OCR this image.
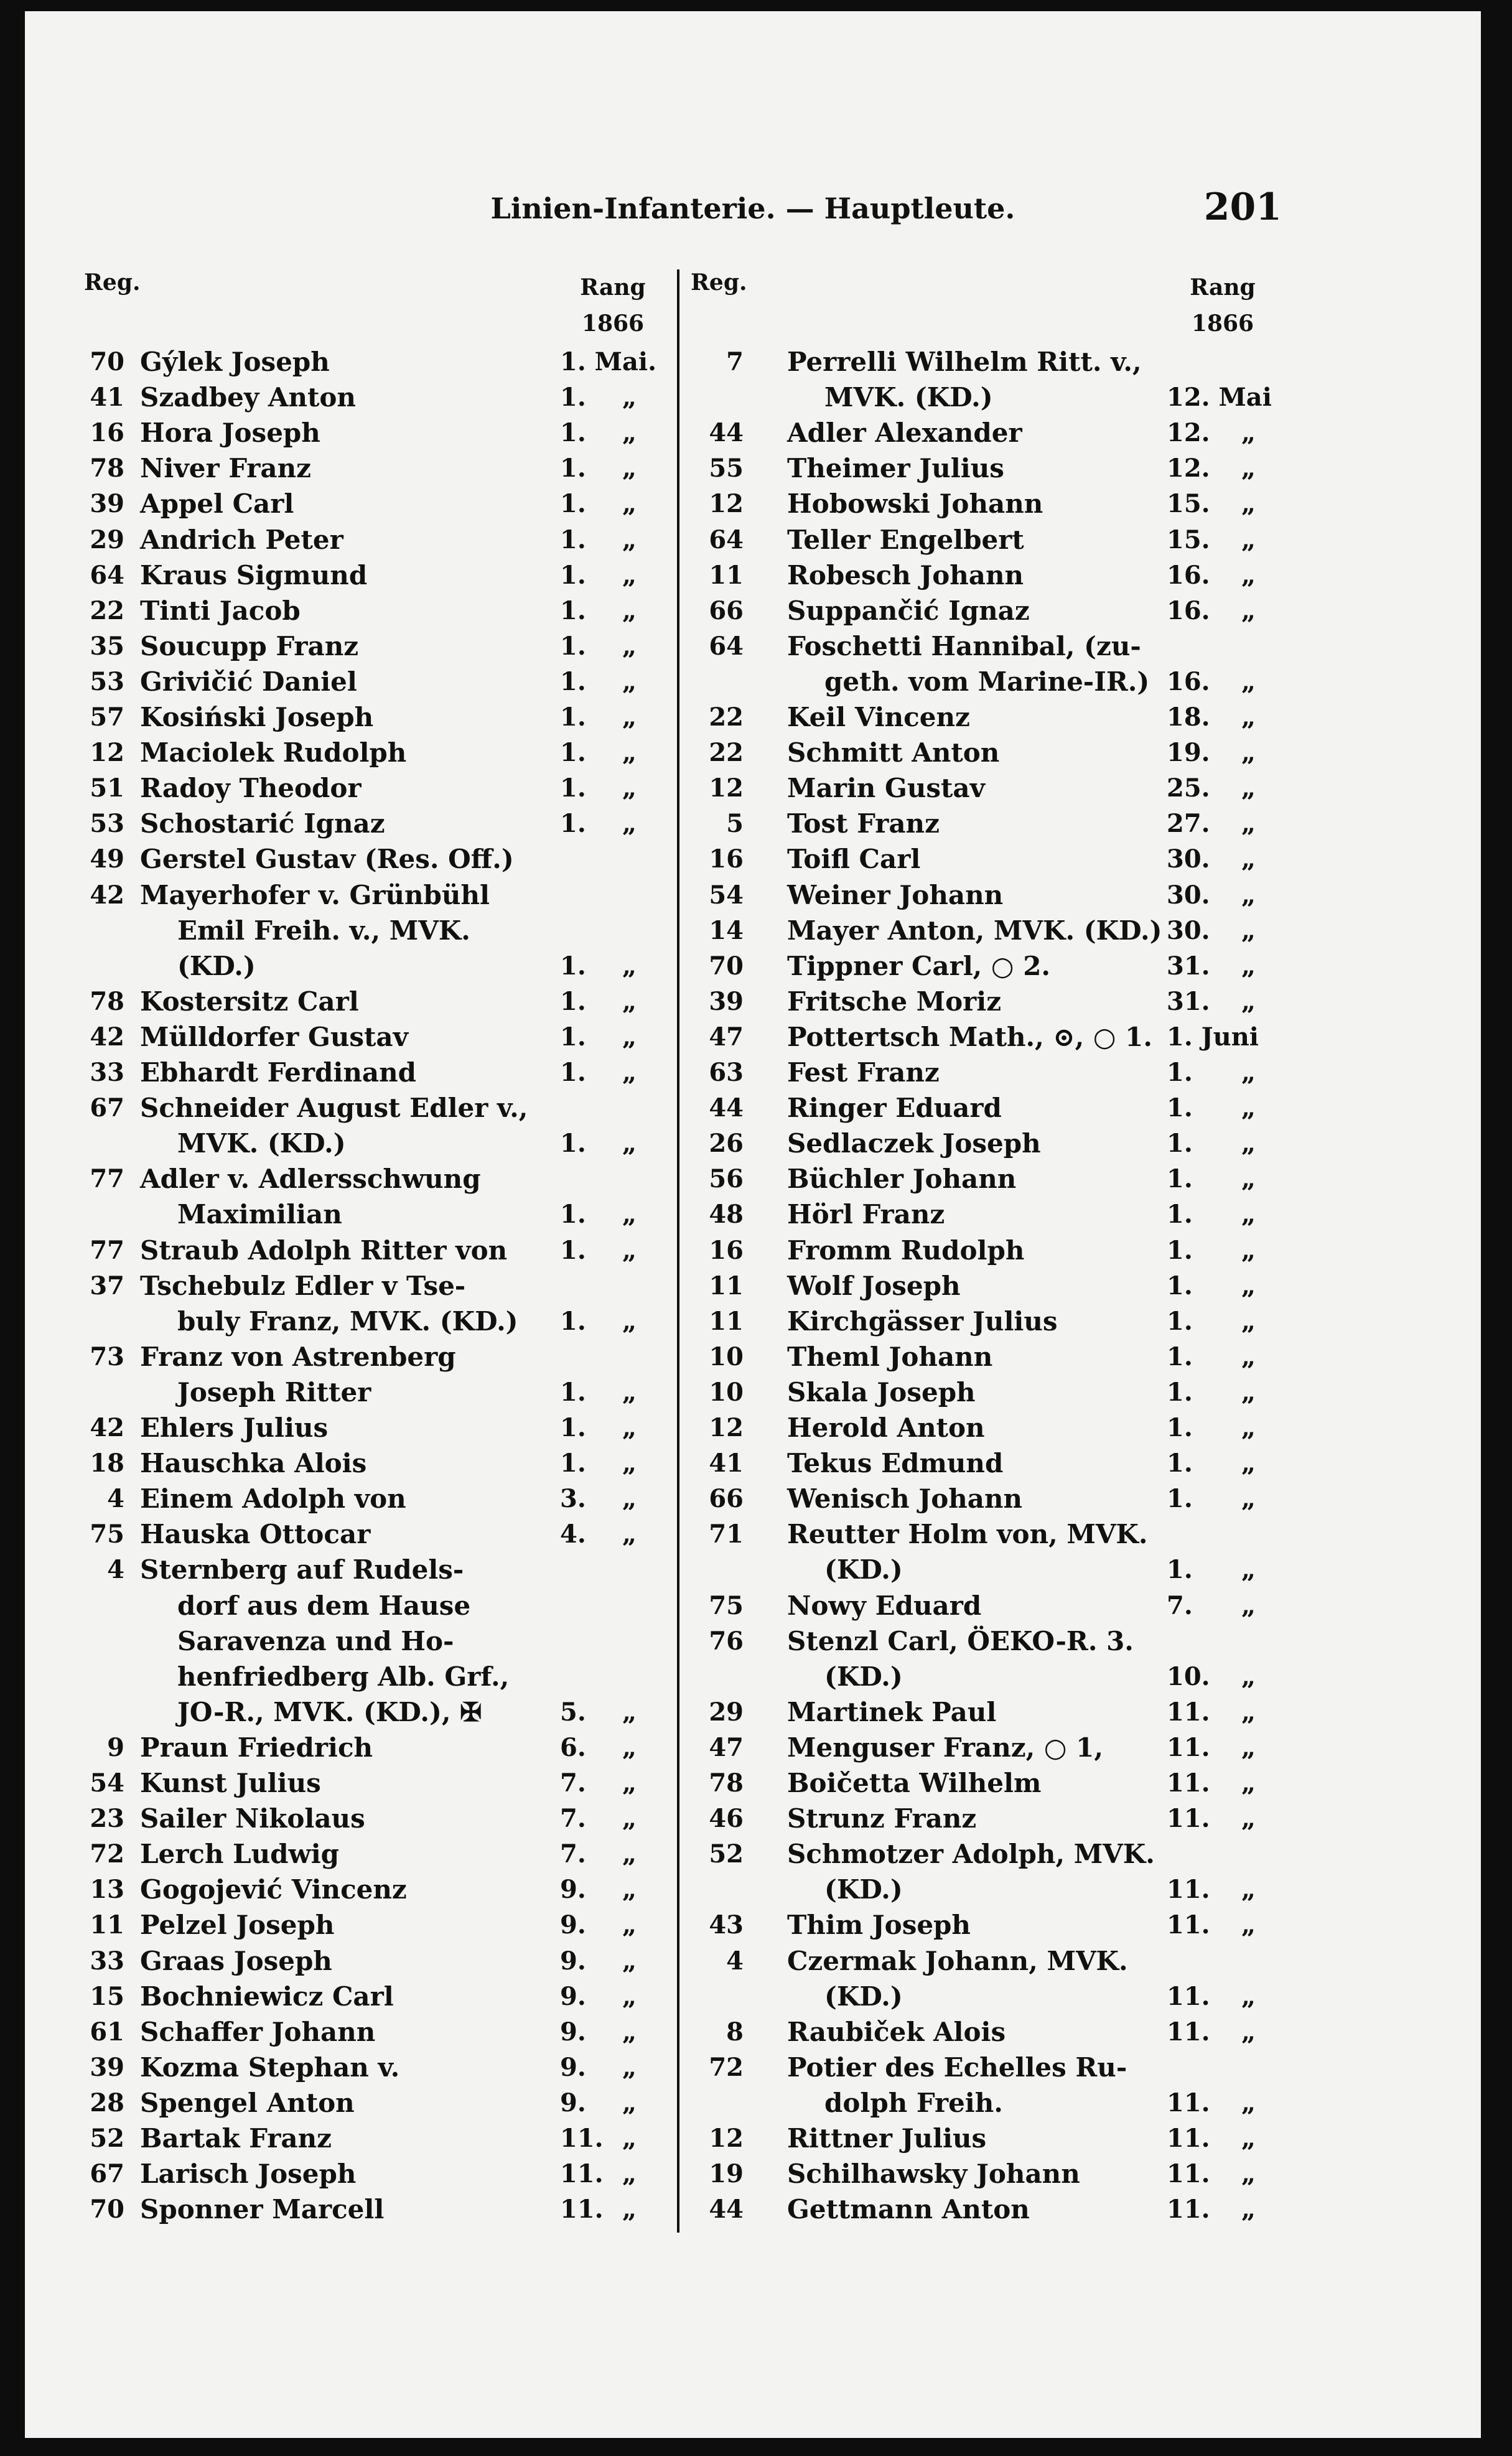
Linien-Infanterie. — Hauptleute.	201
Reg.	Rang
1866
Reg.	Rang
1866
70 Gýlek Joseph	1. Mai.
41 Szadbey Anton	1. „
16 Hora Joseph	1. „
78 Niver Franz	1. „
39 Appel Carl	1. „
29 Andrich Peter	1. „
64 Kraus Sigmund	1. „
22 Tinti Jacob	1. „
35 Soucupp Franz	1. „
53 Grivičić Daniel	1. „
57 Kosiński Joseph	1. „
12 Maciolek Rudolph	1. „
51 Radoy Theodor	1. „
53 Schostarić Ignaz	1. „
49 Gerstel Gustav (Res. Off.)
42 Mayerhofer v. Grünbühl
Emil Freih. v., MVK.
(KD.)	1. „
78 Kostersitz Carl	1. „
42 Mülldorfer Gustav	1. „
33 Ebhardt Ferdinand	1. „
67 Schneider August Edler v.,
MVK. (KD.)	1. „
77 Adler v. Adlersschwung
Maximilian	1. „
77 Straub Adolph Ritter von 1. „
37 Tschebulz Edler v Tse-
buly Franz, MVK. (KD.) 1. „
73 Franz von Astrenberg
Joseph Ritter	1. „
42 Ehlers Julius	1. „
18 Hauschka Alois	1. „
4 Einem Adolph von	3. „
75 Hauska Ottocar	4. „
4 Sternberg auf Rudels-
dorf aus dem Hause
Saravenza und Ho-
henfriedberg Alb. Grf.,
JO-R., MVK. (KD.), ✠	5. „
9 Praun Friedrich	6. „
54 Kunst Julius	7. „
23 Sailer Nikolaus	7. „
72 Lerch Ludwig	7. „
13 Gogojević Vincenz	9. „
11 Pelzel Joseph	9. „
33 Graas Joseph	9. „
15 Bochniewicz Carl	9. „
61 Schaffer Johann	9. „
39 Kozma Stephan v.	9. „
28 Spengel Anton	9. „
52 Bartak Franz	11. „
67 Larisch Joseph	11. „
70 Sponner Marcell	11. „
7 Perrelli Wilhelm Ritt. v.,
MVK. (KD.)	12. Mai
44 Adler Alexander	12. „
55 Theimer Julius	12. „
12 Hobowski Johann	15. „
64 Teller Engelbert	15. „
11 Robesch Johann	16. „
66 Suppančić Ignaz	16. „
64 Foschetti Hannibal, (zu-
geth. vom Marine-IR.) 16. „
22 Keil Vincenz	18. „
22 Schmitt Anton	19. „
12 Marin Gustav	25. „
5 Tost Franz	27. „
16 Toifl Carl	30. „
54 Weiner Johann	30. „
14 Mayer Anton, MVK. (KD.) 30. „
70 Tippner Carl, ○ 2.	31. „
39 Fritsche Moriz	31. „
47 Pottertsch Math., ⊙, ○ 1. 1. Juni
63 Fest Franz	1. „
44 Ringer Eduard	1. „
26 Sedlaczek Joseph	1. „
56 Büchler Johann	1. „
48 Hörl Franz	1. „
16 Fromm Rudolph	1. „
11 Wolf Joseph	1. „
11 Kirchgässer Julius	1. „
10 Theml Johann	1. „
10 Skala Joseph	1. „
12 Herold Anton	1. „
41 Tekus Edmund	1. „
66 Wenisch Johann	1. „
71 Reutter Holm von, MVK.
(KD.)	1. „
75 Nowy Eduard	7. „
76 Stenzl Carl, ÖEKO-R. 3.
(KD.)	10. „
29 Martinek Paul	11. „
47 Menguser Franz, ○ 1,	11. „
78 Boičetta Wilhelm	11. „
46 Strunz Franz	11. „
52 Schmotzer Adolph, MVK.
(KD.)	11. „
43 Thim Joseph	11. „
4 Czermak Johann, MVK.
(KD.)	11. „
8 Raubiček Alois	11. „
72 Potier des Echelles Ru-
dolph Freih.	11. „
12 Rittner Julius	11. „
19 Schilhawsky Johann	11. „
44 Gettmann Anton	11. „
